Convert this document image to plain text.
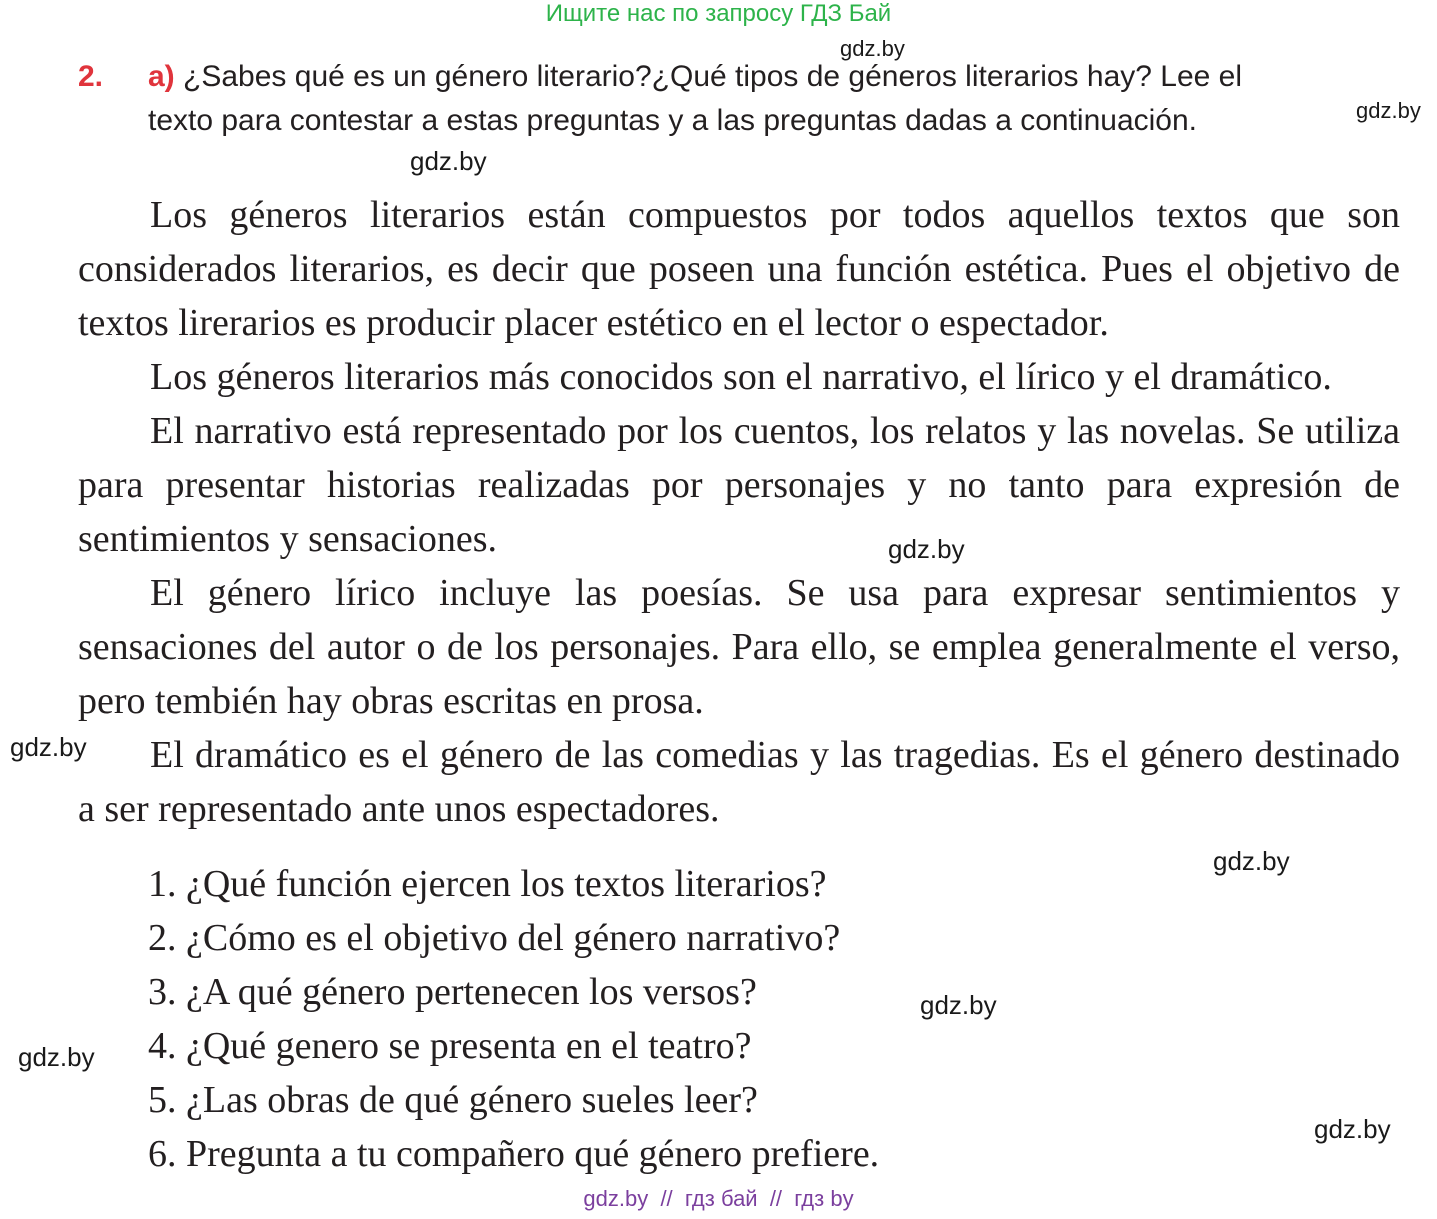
Ищите нас по запросу ГДЗ Бай
gdz.by
gdz.by
gdz.by
gdz.by
gdz.by
gdz.by
gdz.by
gdz.by
gdz.by
2. a) ¿Sabes qué es un género literario?¿Qué tipos de géneros literarios hay? Lee el
texto para contestar a estas preguntas y a las preguntas dadas a continuación.

Los géneros literarios están compuestos por todos aquellos textos que son considerados literarios, es decir que poseen una función estética. Pues el objetivo de textos lirerarios es producir placer estético en el lector o espectador.

Los géneros literarios más conocidos son el narrativo, el lírico y el dramático.

El narrativo está representado por los cuentos, los relatos y las novelas. Se utiliza para presentar historias realizadas por personajes y no tanto para expresión de sentimientos y sensaciones.

El género lírico incluye las poesías. Se usa para expresar sentimientos y sensaciones del autor o de los personajes. Para ello, se emplea generalmente el verso, pero tembién hay obras escritas en prosa.

El dramático es el género de las comedias y las tragedias. Es el género destinado a ser representado ante unos espectadores.

1. ¿Qué función ejercen los textos literarios?
2. ¿Cómo es el objetivo del género narrativo?
3. ¿A qué género pertenecen los versos?
4. ¿Qué genero se presenta en el teatro?
5. ¿Las obras de qué género sueles leer?
6. Pregunta a tu compañero qué género prefiere.
gdz.by  //  гдз бай  //  гдз by
